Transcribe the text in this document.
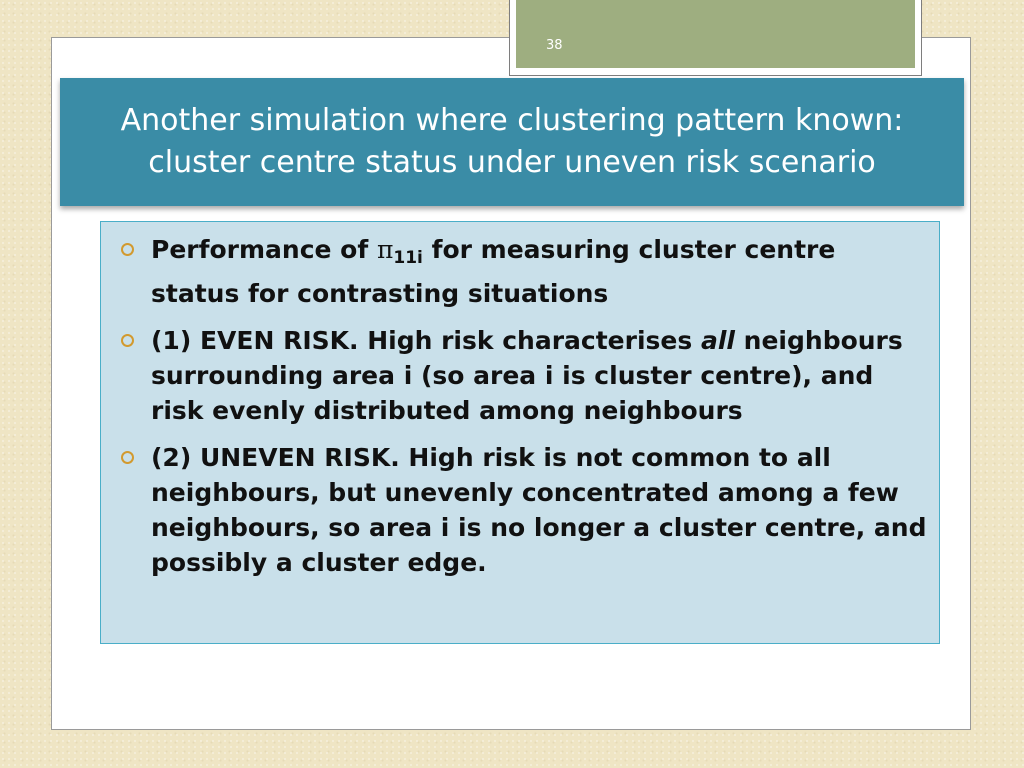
38
Another simulation where clustering pattern known: cluster centre status under uneven risk scenario
Performance of $\pi_{11i}$ for measuring cluster centre status for contrasting situations
(1) EVEN RISK. High risk characterises all neighbours surrounding area i (so area i is cluster centre), and risk evenly distributed among neighbours
(2) UNEVEN RISK. High risk is not common to all neighbours, but unevenly concentrated among a few neighbours, so area i is no longer a cluster centre, and possibly a cluster edge.
